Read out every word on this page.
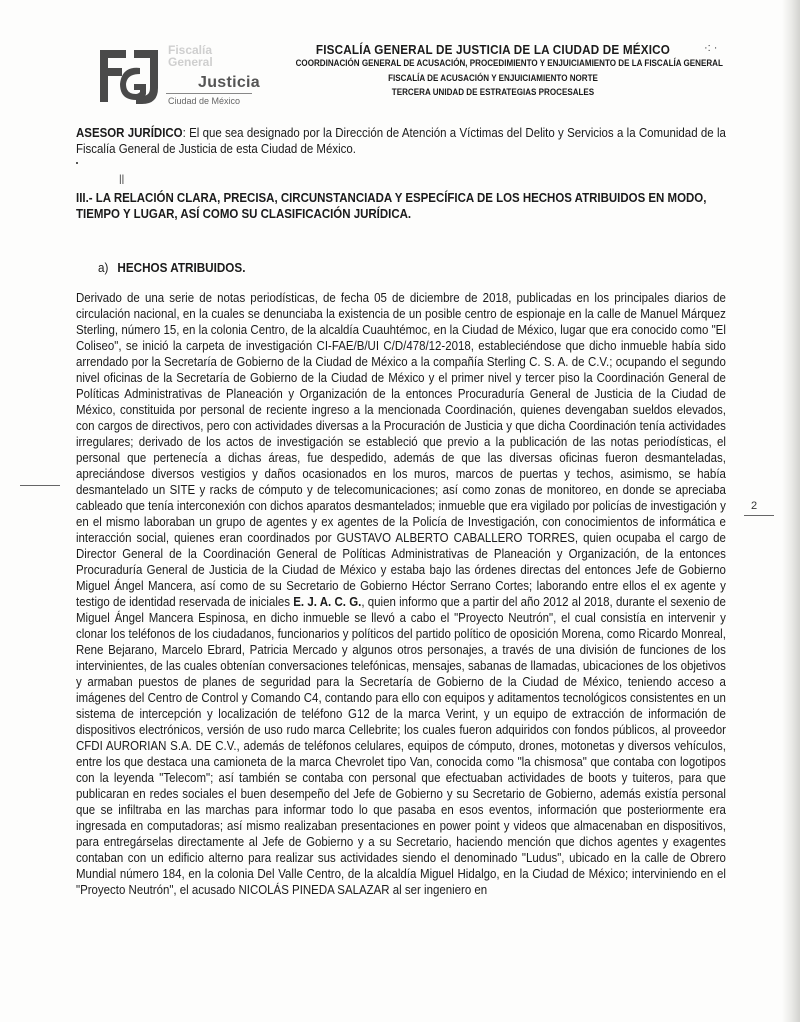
Fiscalía General
Justicia
Ciudad de México
FISCALÍA GENERAL DE JUSTICIA DE LA CIUDAD DE MÉXICO
COORDINACIÓN GENERAL DE ACUSACIÓN, PROCEDIMIENTO Y ENJUICIAMIENTO DE LA FISCALÍA GENERAL
FISCALÍA DE ACUSACIÓN Y ENJUICIAMIENTO NORTE
TERCERA UNIDAD DE ESTRATEGIAS PROCESALES
·: ·
ASESOR JURÍDICO: El que sea designado por la Dirección de Atención a Víctimas del Delito y Servicios a la Comunidad de la Fiscalía General de Justicia de esta Ciudad de México.
||
III.- LA RELACIÓN CLARA, PRECISA, CIRCUNSTANCIADA Y ESPECÍFICA DE LOS HECHOS ATRIBUIDOS EN MODO, TIEMPO Y LUGAR, ASÍ COMO SU CLASIFICACIÓN JURÍDICA.
a) HECHOS ATRIBUIDOS.
Derivado de una serie de notas periodísticas, de fecha 05 de diciembre de 2018, publicadas en los principales diarios de circulación nacional, en la cuales se denunciaba la existencia de un posible centro de espionaje en la calle de Manuel Márquez Sterling, número 15, en la colonia Centro, de la alcaldía Cuauhtémoc, en la Ciudad de México, lugar que era conocido como "El Coliseo", se inició la carpeta de investigación CI-FAE/B/UI C/D/478/12-2018, estableciéndose que dicho inmueble había sido arrendado por la Secretaría de Gobierno de la Ciudad de México a la compañía Sterling C. S. A. de C.V.; ocupando el segundo nivel oficinas de la Secretaría de Gobierno de la Ciudad de México y el primer nivel y tercer piso la Coordinación General de Políticas Administrativas de Planeación y Organización de la entonces Procuraduría General de Justicia de la Ciudad de México, constituida por personal de reciente ingreso a la mencionada Coordinación, quienes devengaban sueldos elevados, con cargos de directivos, pero con actividades diversas a la Procuración de Justicia y que dicha Coordinación tenía actividades irregulares; derivado de los actos de investigación se estableció que previo a la publicación de las notas periodísticas, el personal que pertenecía a dichas áreas, fue despedido, además de que las diversas oficinas fueron desmanteladas, apreciándose diversos vestigios y daños ocasionados en los muros, marcos de puertas y techos, asimismo, se había desmantelado un SITE y racks de cómputo y de telecomunicaciones; así como zonas de monitoreo, en donde se apreciaba cableado que tenía interconexión con dichos aparatos desmantelados; inmueble que era vigilado por policías de investigación y en el mismo laboraban un grupo de agentes y ex agentes de la Policía de Investigación, con conocimientos de informática e interacción social, quienes eran coordinados por GUSTAVO ALBERTO CABALLERO TORRES, quien ocupaba el cargo de Director General de la Coordinación General de Políticas Administrativas de Planeación y Organización, de la entonces Procuraduría General de Justicia de la Ciudad de México y estaba bajo las órdenes directas del entonces Jefe de Gobierno Miguel Ángel Mancera, así como de su Secretario de Gobierno Héctor Serrano Cortes; laborando entre ellos el ex agente y testigo de identidad reservada de iniciales E. J. A. C. G., quien informo que a partir del año 2012 al 2018, durante el sexenio de Miguel Ángel Mancera Espinosa, en dicho inmueble se llevó a cabo el "Proyecto Neutrón", el cual consistía en intervenir y clonar los teléfonos de los ciudadanos, funcionarios y políticos del partido político de oposición Morena, como Ricardo Monreal, Rene Bejarano, Marcelo Ebrard, Patricia Mercado y algunos otros personajes, a través de una división de funciones de los intervinientes, de las cuales obtenían conversaciones telefónicas, mensajes, sabanas de llamadas, ubicaciones de los objetivos y armaban puestos de planes de seguridad para la Secretaría de Gobierno de la Ciudad de México, teniendo acceso a imágenes del Centro de Control y Comando C4, contando para ello con equipos y aditamentos tecnológicos consistentes en un sistema de intercepción y localización de teléfono G12 de la marca Verint, y un equipo de extracción de información de dispositivos electrónicos, versión de uso rudo marca Cellebrite; los cuales fueron adquiridos con fondos públicos, al proveedor CFDI AURORIAN S.A. DE C.V., además de teléfonos celulares, equipos de cómputo, drones, motonetas y diversos vehículos, entre los que destaca una camioneta de la marca Chevrolet tipo Van, conocida como "la chismosa" que contaba con logotipos con la leyenda "Telecom"; así también se contaba con personal que efectuaban actividades de boots y tuiteros, para que publicaran en redes sociales el buen desempeño del Jefe de Gobierno y su Secretario de Gobierno, además existía personal que se infiltraba en las marchas para informar todo lo que pasaba en esos eventos, información que posteriormente era ingresada en computadoras; así mismo realizaban presentaciones en power point y videos que almacenaban en dispositivos, para entregárselas directamente al Jefe de Gobierno y a su Secretario, haciendo mención que dichos agentes y exagentes contaban con un edificio alterno para realizar sus actividades siendo el denominado "Ludus", ubicado en la calle de Obrero Mundial número 184, en la colonia Del Valle Centro, de la alcaldía Miguel Hidalgo, en la Ciudad de México; interviniendo en el "Proyecto Neutrón", el acusado NICOLÁS PINEDA SALAZAR al ser ingeniero en
2
